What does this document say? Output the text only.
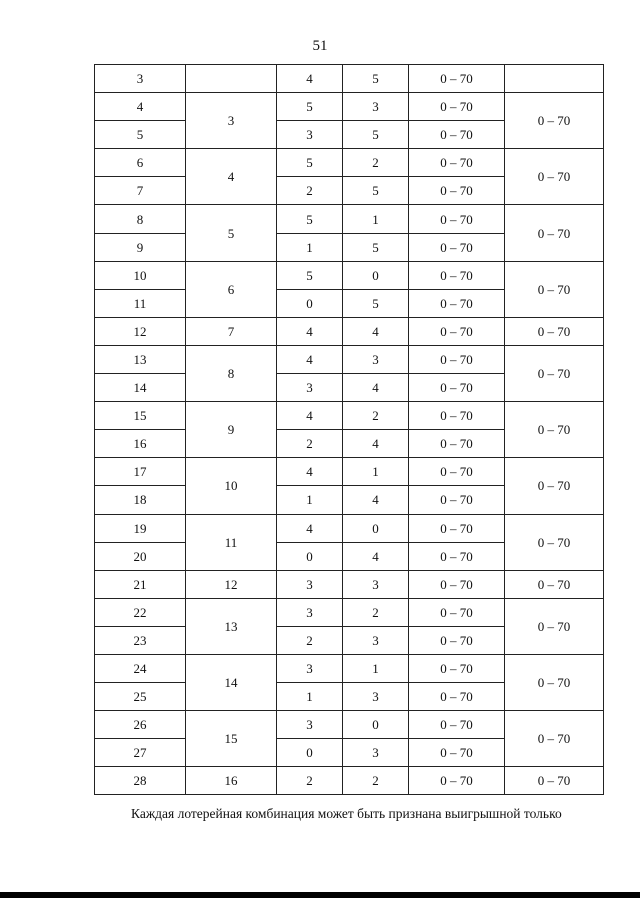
51
3		4	5	0 – 70	
4	3	5	3	0 – 70	0 – 70
5		3	5	0 – 70	
6	4	5	2	0 – 70	0 – 70
7		2	5	0 – 70	
8	5	5	1	0 – 70	0 – 70
9		1	5	0 – 70	
10	6	5	0	0 – 70	0 – 70
11		0	5	0 – 70	
12	7	4	4	0 – 70	0 – 70
13	8	4	3	0 – 70	0 – 70
14		3	4	0 – 70	
15	9	4	2	0 – 70	0 – 70
16		2	4	0 – 70	
17	10	4	1	0 – 70	0 – 70
18		1	4	0 – 70	
19	11	4	0	0 – 70	0 – 70
20		0	4	0 – 70	
21	12	3	3	0 – 70	0 – 70
22	13	3	2	0 – 70	0 – 70
23		2	3	0 – 70	
24	14	3	1	0 – 70	0 – 70
25		1	3	0 – 70	
26	15	3	0	0 – 70	0 – 70
27		0	3	0 – 70	
28	16	2	2	0 – 70	0 – 70
Каждая лотерейная комбинация может быть признана выигрышной только
